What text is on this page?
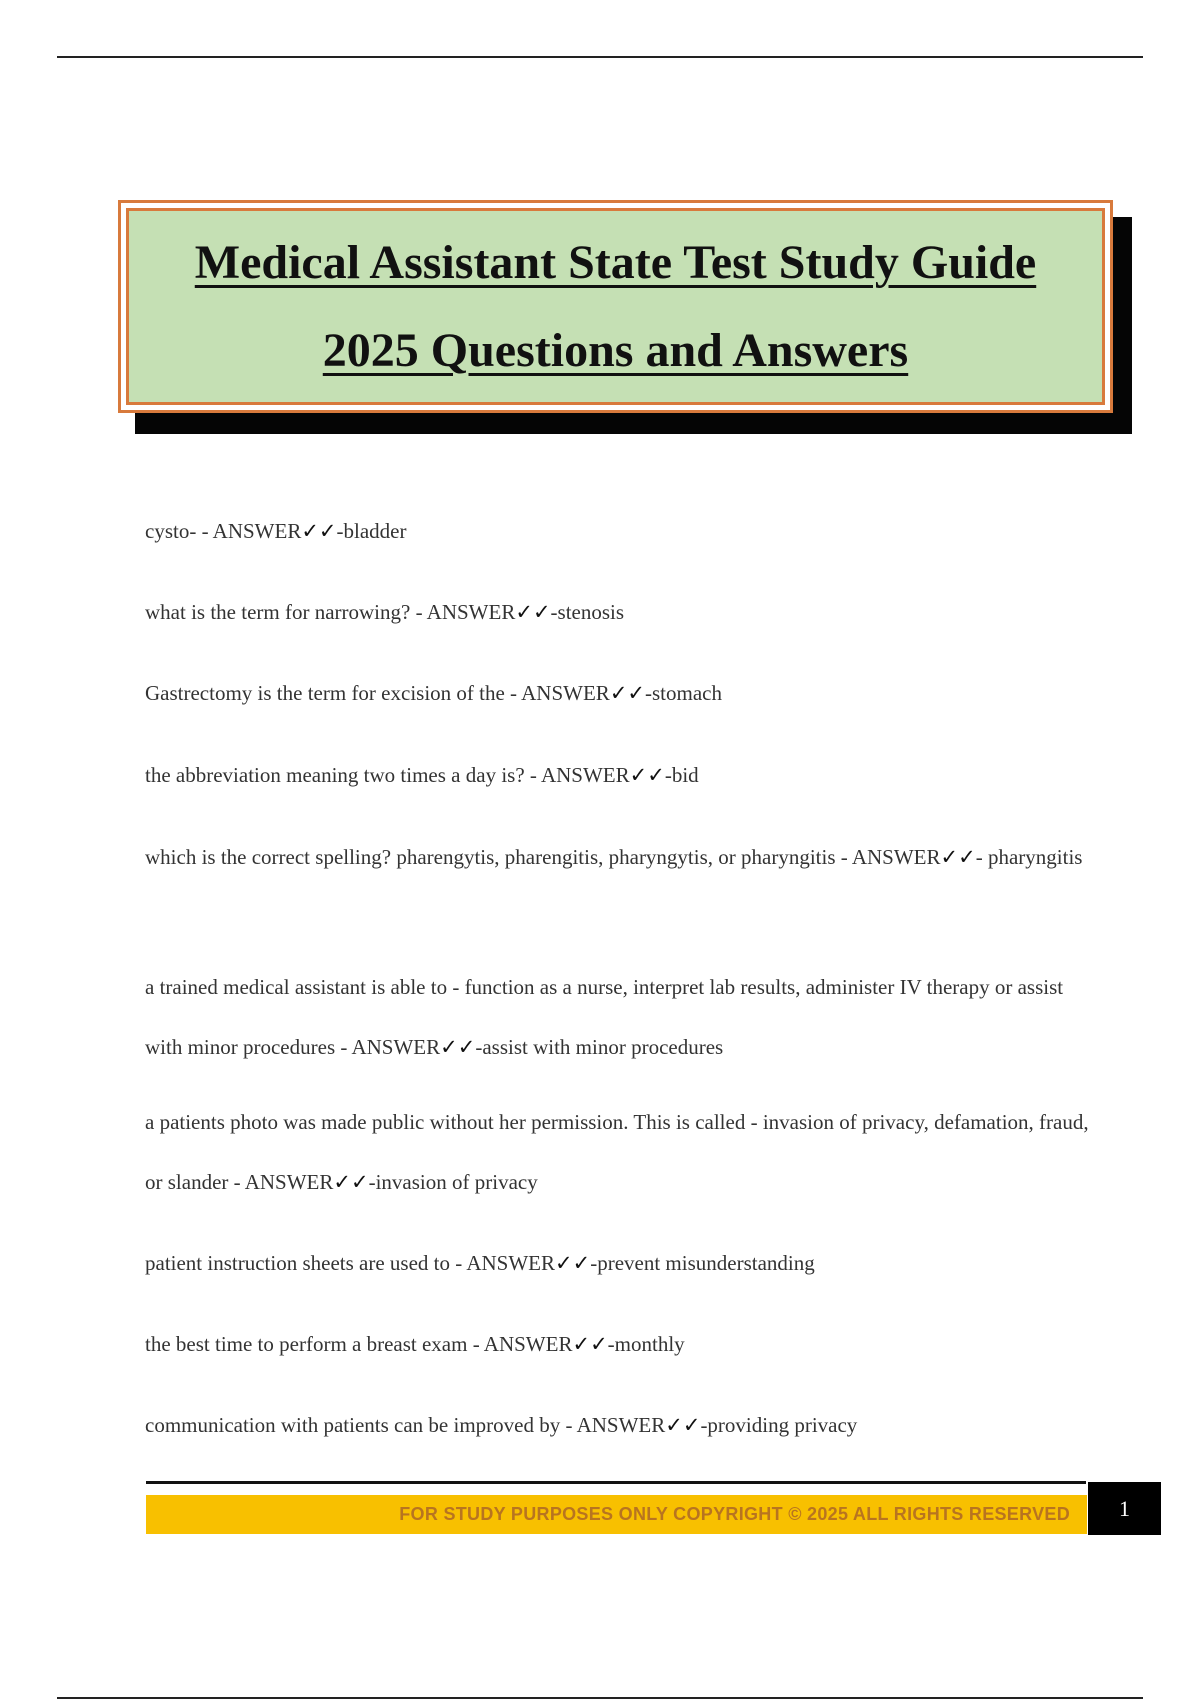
Medical Assistant State Test Study Guide
2025 Questions and Answers
cysto- - ANSWER✓✓-bladder
what is the term for narrowing? - ANSWER✓✓-stenosis
Gastrectomy is the term for excision of the - ANSWER✓✓-stomach
the abbreviation meaning two times a day is? - ANSWER✓✓-bid
which is the correct spelling? pharengytis, pharengitis, pharyngytis, or pharyngitis - ANSWER✓✓- pharyngitis
a trained medical assistant is able to - function as a nurse, interpret lab results, administer IV therapy or assist with minor procedures - ANSWER✓✓-assist with minor procedures
a patients photo was made public without her permission. This is called - invasion of privacy, defamation, fraud, or slander - ANSWER✓✓-invasion of privacy
patient instruction sheets are used to - ANSWER✓✓-prevent misunderstanding
the best time to perform a breast exam - ANSWER✓✓-monthly
communication with patients can be improved by - ANSWER✓✓-providing privacy
FOR STUDY PURPOSES ONLY COPYRIGHT © 2025 ALL RIGHTS RESERVED	1
